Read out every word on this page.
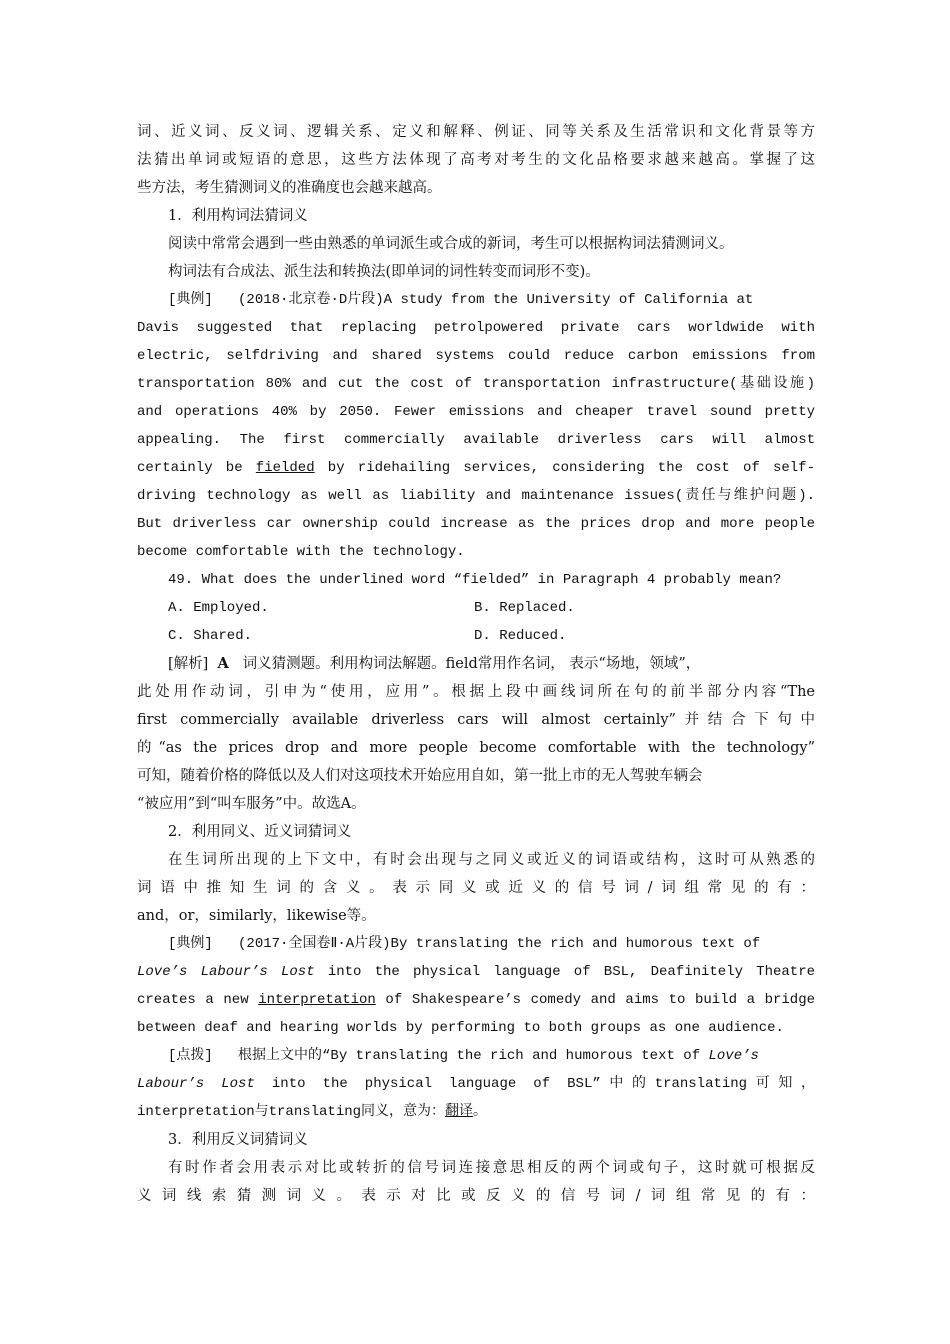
词、近义词、反义词、逻辑关系、定义和解释、例证、同等关系及生活常识和文化背景等方
法猜出单词或短语的意思，这些方法体现了高考对考生的文化品格要求越来越高。掌握了这
些方法，考生猜测词义的准确度也会越来越高。
1．利用构词法猜词义
阅读中常常会遇到一些由熟悉的单词派生或合成的新词，考生可以根据构词法猜测词义。
构词法有合成法、派生法和转换法(即单词的词性转变而词形不变)。
[典例] (2018·北京卷·D片段)A study from the University of California at
Davis suggested that replacing petrolpowered private cars worldwide with
electric, selfdriving and shared systems could reduce carbon emissions from
transportation 80% and cut the cost of transportation infrastructure(基础设施)
and operations 40% by 2050. Fewer emissions and cheaper travel sound pretty
appealing. The first commercially available driverless cars will almost
certainly be fielded by ridehailing services, considering the cost of self-
driving technology as well as liability and maintenance issues(责任与维护问题).
But driverless car ownership could increase as the prices drop and more people
become comfortable with the technology.
49. What does the underlined word “fielded” in Paragraph 4 probably mean?
A. Employed.	B. Replaced.
C. Shared.	D. Reduced.
[解析] A 词义猜测题。利用构词法解题。field常用作名词， 表示“场地，领域”，
此处用作动词，引申为“使用，应用”。根据上段中画线词所在句的前半部分内容“The
first commercially available driverless cars will almost certainly”并结合下句中
的“as the prices drop and more people become comfortable with the technology”
可知，随着价格的降低以及人们对这项技术开始应用自如，第一批上市的无人驾驶车辆会
“被应用”到“叫车服务”中。故选A。
2．利用同义、近义词猜词义
在生词所出现的上下文中，有时会出现与之同义或近义的词语或结构，这时可从熟悉的
词语中推知生词的含义。表示同义或近义的信号词/词组常见的有：
and，or，similarly，likewise等。
[典例] (2017·全国卷Ⅱ·A片段)By translating the rich and humorous text of
Love’s Labour’s Lost into the physical language of BSL, Deafinitely Theatre
creates a new interpretation of Shakespeare’s comedy and aims to build a bridge
between deaf and hearing worlds by performing to both groups as one audience.
[点拨] 根据上文中的“By translating the rich and humorous text of Love’s
Labour’s Lost into the physical language of BSL”中的translating可知，
interpretation与translating同义，意为：翻译。
3．利用反义词猜词义
有时作者会用表示对比或转折的信号词连接意思相反的两个词或句子，这时就可根据反
义词线索猜测词义。表示对比或反义的信号词/词组常见的有：
